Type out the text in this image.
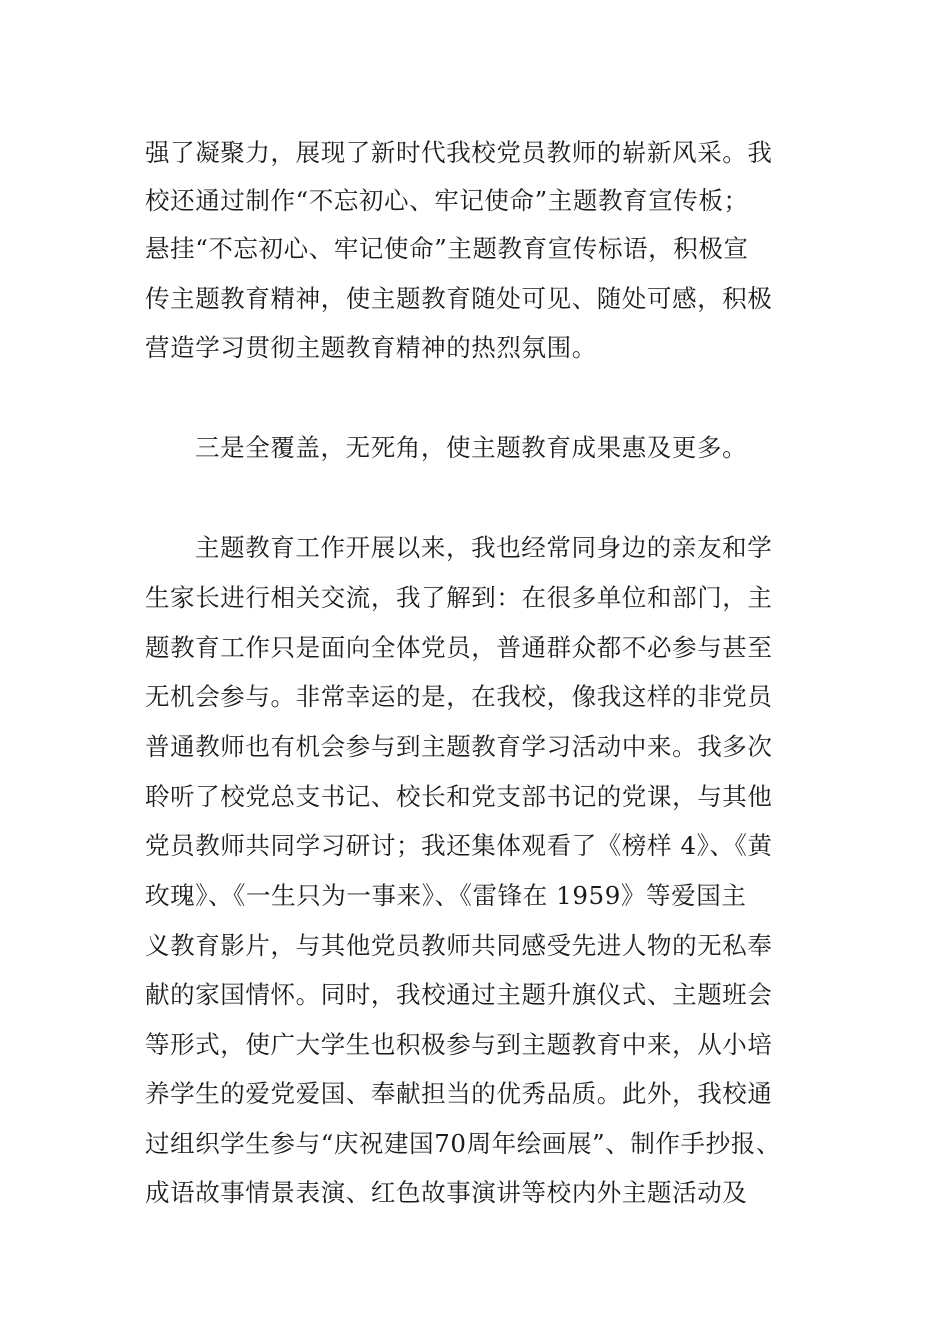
强了凝聚力，展现了新时代我校党员教师的崭新风采。我
校还通过制作“不忘初心、牢记使命”主题教育宣传板；
悬挂“不忘初心、牢记使命”主题教育宣传标语，积极宣
传主题教育精神，使主题教育随处可见、随处可感，积极
营造学习贯彻主题教育精神的热烈氛围。
三是全覆盖，无死角，使主题教育成果惠及更多。
主题教育工作开展以来，我也经常同身边的亲友和学
生家长进行相关交流，我了解到：在很多单位和部门，主
题教育工作只是面向全体党员，普通群众都不必参与甚至
无机会参与。非常幸运的是，在我校，像我这样的非党员
普通教师也有机会参与到主题教育学习活动中来。我多次
聆听了校党总支书记、校长和党支部书记的党课，与其他
党员教师共同学习研讨；我还集体观看了《榜样 4》、《黄
玫瑰》、《一生只为一事来》、《雷锋在 1959》等爱国主
义教育影片，与其他党员教师共同感受先进人物的无私奉
献的家国情怀。同时，我校通过主题升旗仪式、主题班会
等形式，使广大学生也积极参与到主题教育中来，从小培
养学生的爱党爱国、奉献担当的优秀品质。此外，我校通
过组织学生参与“庆祝建国70周年绘画展”、制作手抄报、
成语故事情景表演、红色故事演讲等校内外主题活动及
